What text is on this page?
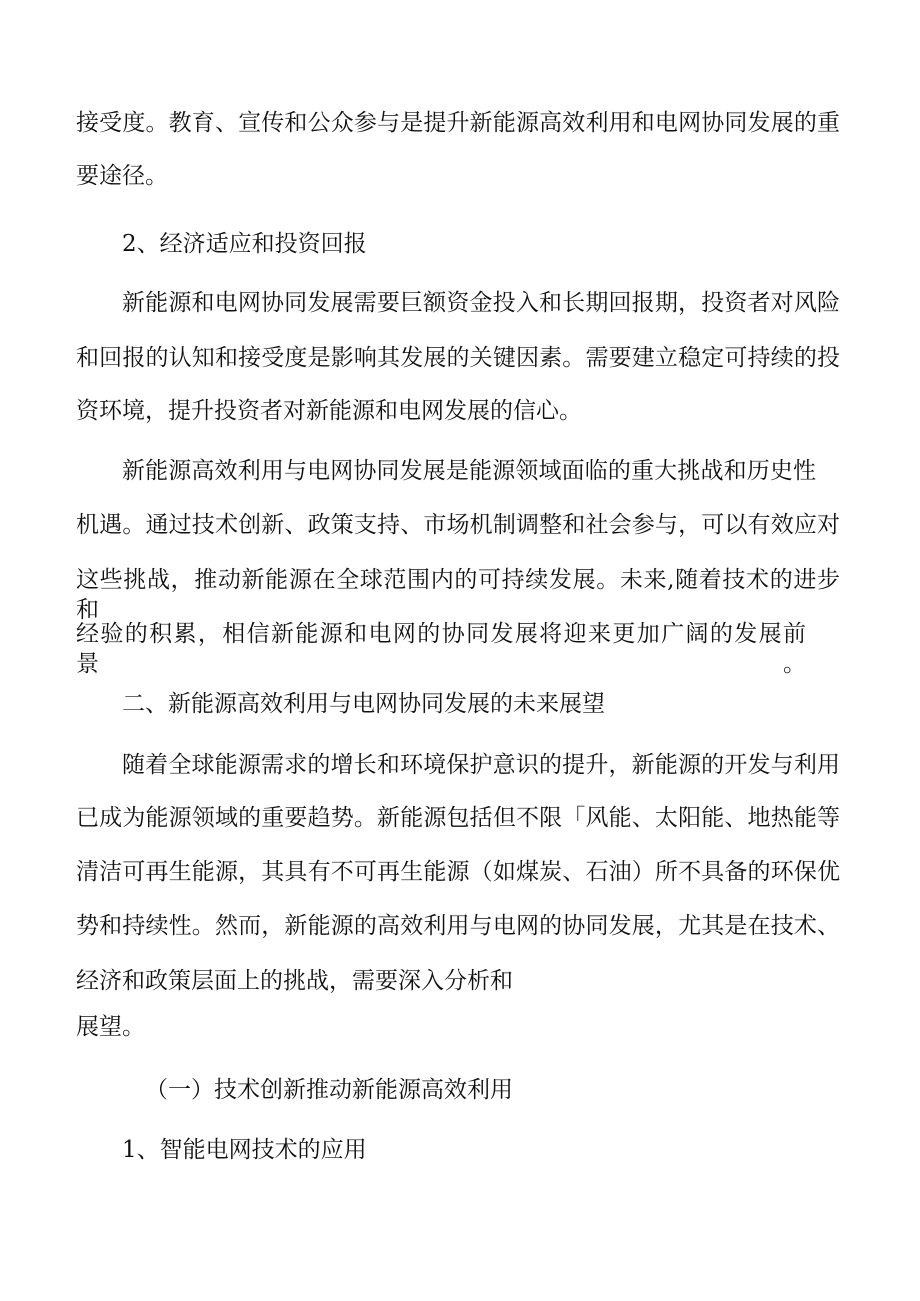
接受度。教育、宣传和公众参与是提升新能源高效利用和电网协同发展的重
要途径。
2、经济适应和投资回报
新能源和电网协同发展需要巨额资金投入和长期回报期，投资者对风险
和回报的认知和接受度是影响其发展的关键因素。需要建立稳定可持续的投
资环境，提升投资者对新能源和电网发展的信心。
新能源高效利用与电网协同发展是能源领域面临的重大挑战和历史性
机遇。通过技术创新、政策支持、市场机制调整和社会参与，可以有效应对
这些挑战，推动新能源在全球范围内的可持续发展。未来,随着技术的进步和
经验的积累，相信新能源和电网的协同发展将迎来更加广阔的发展前景。
二、新能源高效利用与电网协同发展的未来展望
随着全球能源需求的增长和环境保护意识的提升，新能源的开发与利用
已成为能源领域的重要趋势。新能源包括但不限「风能、太阳能、地热能等
清洁可再生能源，其具有不可再生能源（如煤炭、石油）所不具备的环保优
势和持续性。然而，新能源的高效利用与电网的协同发展，尤其是在技术、
经济和政策层面上的挑战，需要深入分析和
展望。
（一）技术创新推动新能源高效利用
1、智能电网技术的应用
